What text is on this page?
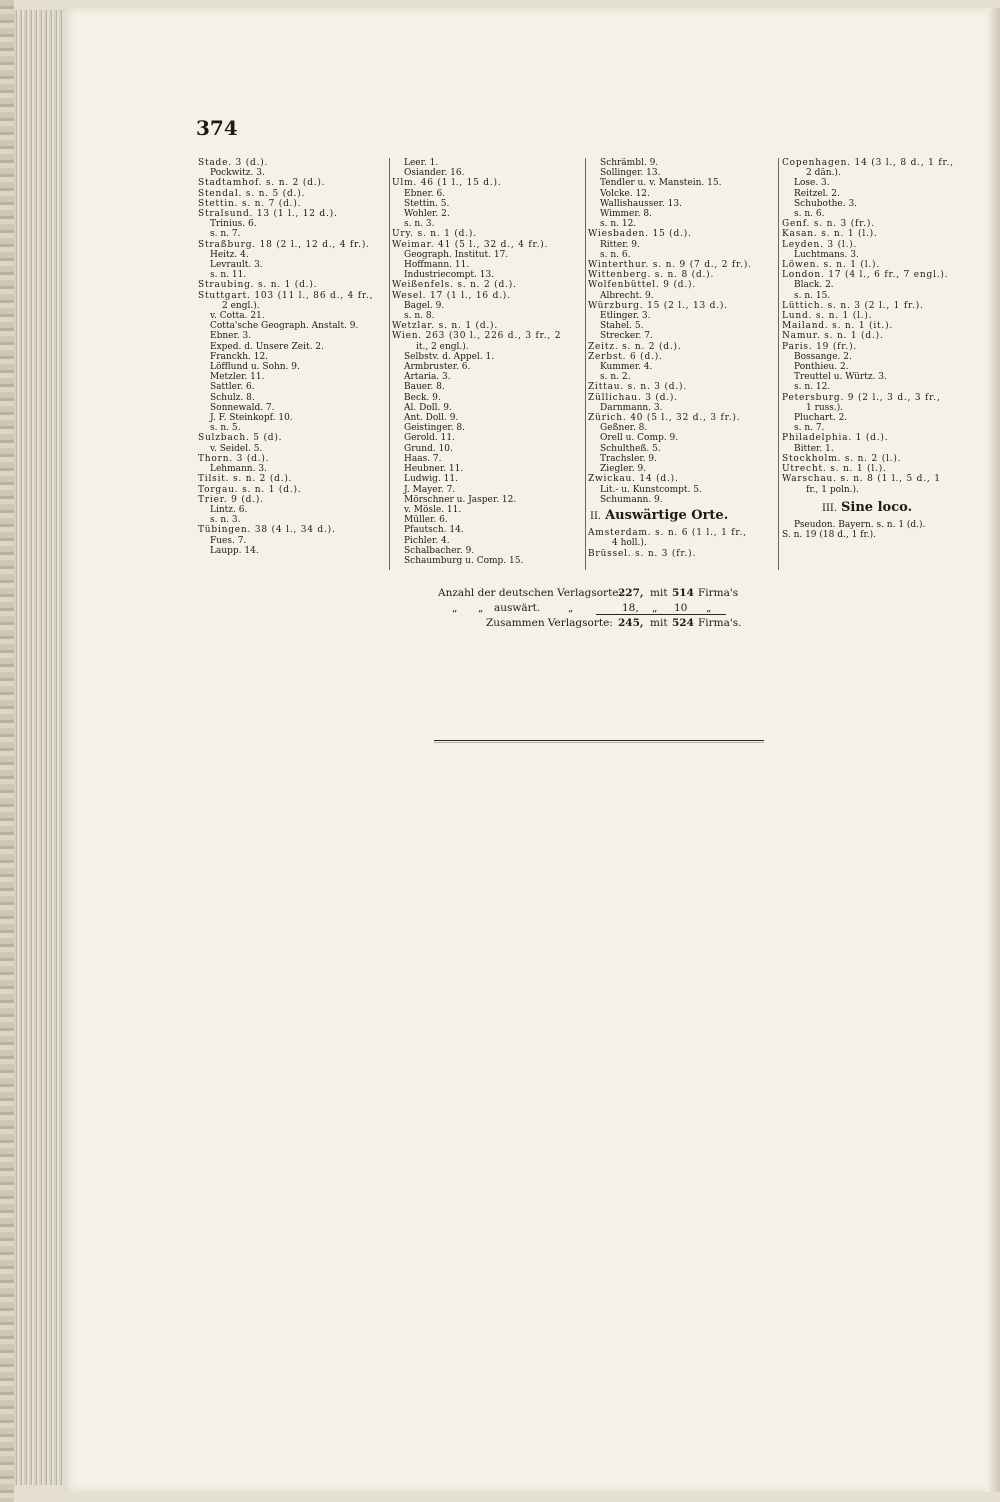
374
Stade. 3 (d.).
Pockwitz. 3.
Stadtamhof. s. n. 2 (d.).
Stendal. s. n. 5 (d.).
Stettin. s. n. 7 (d.).
Stralsund. 13 (1 l., 12 d.).
Trinius. 6.
s. n. 7.
Straßburg. 18 (2 l., 12 d., 4 fr.).
Heitz. 4.
Levrault. 3.
s. n. 11.
Straubing. s. n. 1 (d.).
Stuttgart. 103 (11 l., 86 d., 4 fr.,
2 engl.).
v. Cotta. 21.
Cotta'sche Geograph. Anstalt. 9.
Ebner. 3.
Exped. d. Unsere Zeit. 2.
Franckh. 12.
Löfflund u. Sohn. 9.
Metzler. 11.
Sattler. 6.
Schulz. 8.
Sonnewald. 7.
J. F. Steinkopf. 10.
s. n. 5.
Sulzbach. 5 (d).
v. Seidel. 5.
Thorn. 3 (d.).
Lehmann. 3.
Tilsit. s. n. 2 (d.).
Torgau. s. n. 1 (d.).
Trier. 9 (d.).
Lintz. 6.
s. n. 3.
Tübingen. 38 (4 l., 34 d.).
Fues. 7.
Laupp. 14.
Leer. 1.
Osiander. 16.
Ulm. 46 (1 l., 15 d.).
Ebner. 6.
Stettin. 5.
Wohler. 2.
s. n. 3.
Ury. s. n. 1 (d.).
Weimar. 41 (5 l., 32 d., 4 fr.).
Geograph. Institut. 17.
Hoffmann. 11.
Industriecompt. 13.
Weißenfels. s. n. 2 (d.).
Wesel. 17 (1 l., 16 d.).
Bagel. 9.
s. n. 8.
Wetzlar. s. n. 1 (d.).
Wien. 263 (30 l., 226 d., 3 fr., 2
it., 2 engl.).
Selbstv. d. Appel. 1.
Armbruster. 6.
Artaria. 3.
Bauer. 8.
Beck. 9.
Al. Doll. 9.
Ant. Doll. 9.
Geistinger. 8.
Gerold. 11.
Grund. 10.
Haas. 7.
Heubner. 11.
Ludwig. 11.
J. Mayer. 7.
Mörschner u. Jasper. 12.
v. Mösle. 11.
Müller. 6.
Pfautsch. 14.
Pichler. 4.
Schalbacher. 9.
Schaumburg u. Comp. 15.
Schrämbl. 9.
Sollinger. 13.
Tendler u. v. Manstein. 15.
Volcke. 12.
Wallishausser. 13.
Wimmer. 8.
s. n. 12.
Wiesbaden. 15 (d.).
Ritter. 9.
s. n. 6.
Winterthur. s. n. 9 (7 d., 2 fr.).
Wittenberg. s. n. 8 (d.).
Wolfenbüttel. 9 (d.).
Albrecht. 9.
Würzburg. 15 (2 l., 13 d.).
Etlinger. 3.
Stahel. 5.
Strecker. 7.
Zeitz. s. n. 2 (d.).
Zerbst. 6 (d.).
Kummer. 4.
s. n. 2.
Zittau. s. n. 3 (d.).
Züllichau. 3 (d.).
Darnmann. 3.
Zürich. 40 (5 l., 32 d., 3 fr.).
Geßner. 8.
Orell u. Comp. 9.
Schultheß. 5.
Trachsler. 9.
Ziegler. 9.
Zwickau. 14 (d.).
Lit.- u. Kunstcompt. 5.
Schumann. 9.
II. Auswärtige Orte.
Amsterdam. s. n. 6 (1 l., 1 fr.,
4 holl.).
Brüssel. s. n. 3 (fr.).
Copenhagen. 14 (3 l., 8 d., 1 fr.,
2 dän.).
Lose. 3.
Reitzel. 2.
Schubothe. 3.
s. n. 6.
Genf. s. n. 3 (fr.).
Kasan. s. n. 1 (l.).
Leyden. 3 (l.).
Luchtmans. 3.
Löwen. s. n. 1 (l.).
London. 17 (4 l., 6 fr., 7 engl.).
Black. 2.
s. n. 15.
Lüttich. s. n. 3 (2 l., 1 fr.).
Lund. s. n. 1 (l.).
Mailand. s. n. 1 (it.).
Namur. s. n. 1 (d.).
Paris. 19 (fr.).
Bossange. 2.
Ponthieu. 2.
Treuttel u. Würtz. 3.
s. n. 12.
Petersburg. 9 (2 l., 3 d., 3 fr.,
1 russ.).
Pluchart. 2.
s. n. 7.
Philadelphia. 1 (d.).
Bitter. 1.
Stockholm. s. n. 2 (l.).
Utrecht. s. n. 1 (l.).
Warschau. s. n. 8 (1 l., 5 d., 1
fr., 1 poln.).
III. Sine loco.
Pseudon. Bayern. s. n. 1 (d.).
S. n. 19 (18 d., 1 fr.).
Anzahl der deutschen Verlagsorte:
227, mit 514 Firma's
„ „ auswärt.	„	18, „ 10 „
Zusammen Verlagsorte: 245, mit 524 Firma's.
